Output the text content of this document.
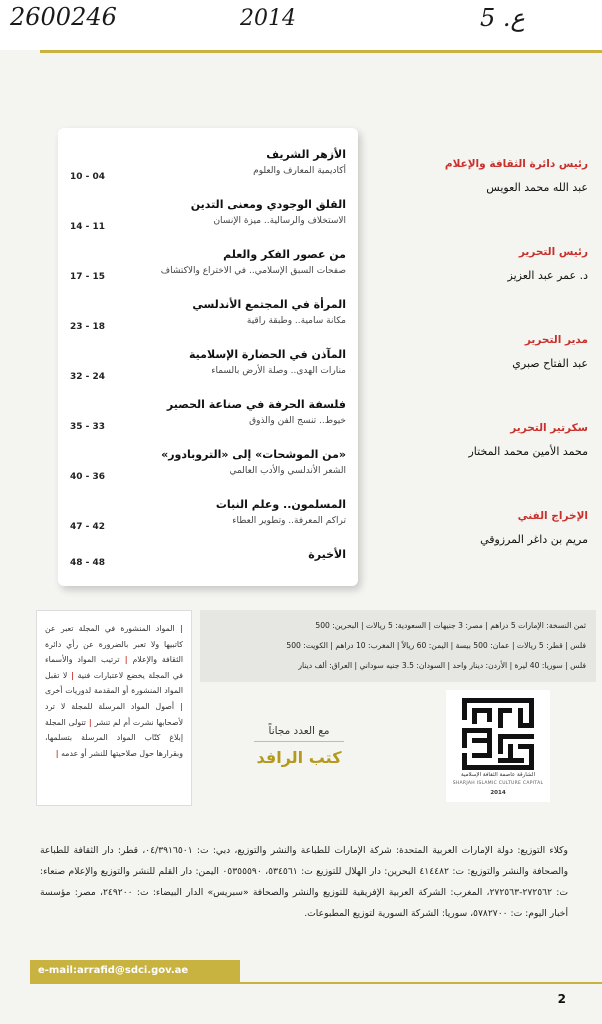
2600246	2014	5 .ع
الأزهر الشريف
أكاديمية المعارف والعلوم
10 - 04
القلق الوجودي ومعنى التدين
الاستخلاف والرسالية.. ميزة الإنسان
14 - 11
من عصور الفكر والعلم
صفحات السبق الإسلامي.. في الاختراع والاكتشاف
17 - 15
المرأة في المجتمع الأندلسي
مكانة سامية.. وطبقة راقية
23 - 18
المآذن في الحضارة الإسلامية
منارات الهدى.. وصلة الأرض بالسماء
32 - 24
فلسفة الحرفة في صناعة الحصير
خيوط.. تنسج الفن والذوق
35 - 33
«من الموشحات» إلى «التروبادور»
الشعر الأندلسي والأدب العالمي
40 - 36
المسلمون.. وعلم النبات
تراكم المعرفة.. وتطوير العطاء
47 - 42
الأخيرة
48 - 48
رئيس دائرة الثقافة والإعلام
عبد الله محمد العويس
رئيس التحرير
د. عمر عبد العزيز
مدير التحرير
عبد الفتاح صبري
سكرتير التحرير
محمد الأمين محمد المختار
الإخراج الفني
مريم بن داغر المرزوقي
ثمن النسخة: الإمارات 5 دراهم | مصر: 3 جنيهات | السعودية: 5 ريالات | البحرين: 500
فلس | قطر: 5 ريالات | عمان: 500 بيسة | اليمن: 60 ريالاً | المغرب: 10 دراهم | الكويت: 500
فلس | سوريا: 40 ليرة | الأردن: دينار واحد | السودان: 3.5 جنيه سوداني | العراق: ألف دينار
| المواد المنشورة في المجلة تعبر عن كاتبيها ولا تعبر بالضرورة عن رأي دائرة الثقافة والإعلام | ترتيب المواد والأسماء في المجلة يخضع لاعتبارات فنية | لا تقبل المواد المنشورة أو المقدمة لدوريات أخرى | أصول المواد المرسلة للمجلة لا ترد لأصحابها نشرت أم لم تنشر | تتولى المجلة إبلاغ كتّاب المواد المرسلة بتسلمها، وبقرارها حول صلاحيتها للنشر أو عدمه |
مع العدد مجاناً
كتب الرافد
الشارقة عاصمة الثقافة الإسلامية
SHARJAH ISLAMIC CULTURE CAPITAL
2014
وكلاء التوزيع: دولة الإمارات العربية المتحدة: شركة الإمارات للطباعة والنشر والتوزيع، دبي: ت: ٠٤/٣٩١٦٥٠١، قطر: دار الثقافة للطباعة والصحافة والنشر والتوزيع: ت: ٤١٤٤٨٢ البحرين: دار الهلال للتوزيع ت: ٥٣٤٥٦١، ٠٥٣٥٥٥٩٠ اليمن: دار القلم للنشر والتوزيع والإعلام صنعاء: ت: ٢٧٢٥٦٢-٢٧٢٥٦٣، المغرب: الشركة العربية الإفريقية للتوزيع والنشر والصحافة «سبريس» الدار البيضاء: ت: ٢٤٩٢٠٠، مصر: مؤسسة أخبار اليوم: ت: ٥٧٨٢٧٠٠، سوريا: الشركة السورية لتوزيع المطبوعات.
e-mail:arrafid@sdci.gov.ae
2
